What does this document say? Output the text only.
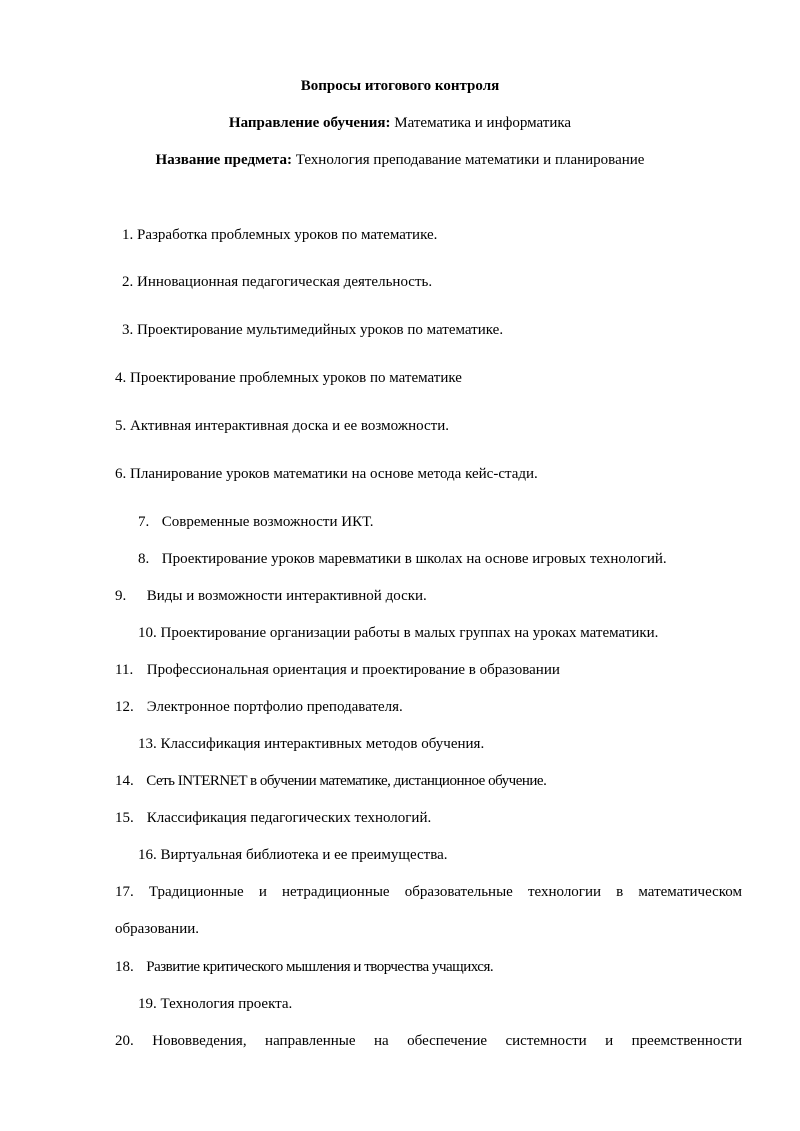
Вопросы итогового контроля
Направление обучения: Математика и информатика
Название предмета: Технология преподавание математики и планирование
1. Разработка проблемных уроков по математике.
2. Инновационная педагогическая деятельность.
3. Проектирование мультимедийных уроков по математике.
4. Проектирование проблемных уроков по математике
5. Активная интерактивная доска и ее возможности.
6. Планирование уроков математики на основе метода кейс-стади.
7. Современные возможности ИКТ.
8. Проектирование уроков маревматики в школах на основе игровых технологий.
9. Виды и возможности интерактивной доски.
10. Проектирование организации работы в малых группах на уроках математики.
11. Профессиональная ориентация и проектирование в образовании
12. Электронное портфолио преподавателя.
13. Классификация интерактивных методов обучения.
14. Сеть INTERNET в обучении математике, дистанционное обучение.
15. Классификация педагогических технологий.
16. Виртуальная библиотека и ее преимущества.
17. Традиционные и нетрадиционные образовательные технологии в математическом
образовании.
18. Развитие критического мышления и творчества учащихся.
19. Технология проекта.
20. Нововведения, направленные на обеспечение системности и преемственности
